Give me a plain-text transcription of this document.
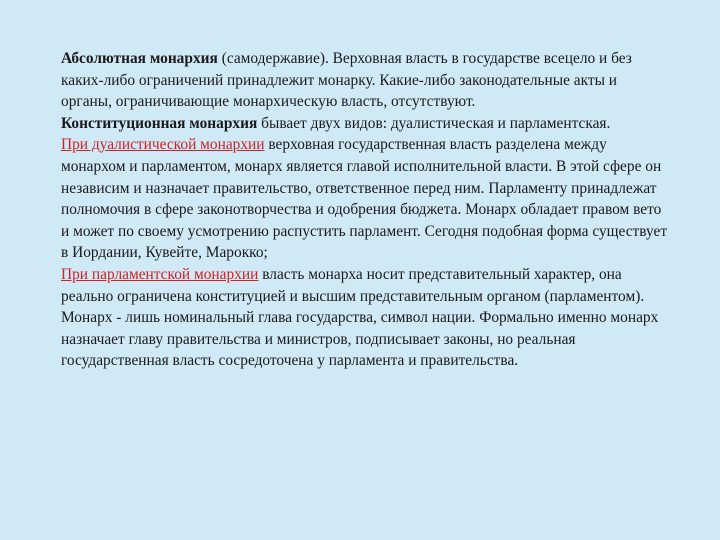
Абсолютная монархия (самодержавие). Верховная власть в государстве всецело и без каких-либо ограничений принадлежит монарку. Какие-либо законодательные акты и органы, ограничивающие монархическую власть, отсутствуют.

Конституционная монархия бывает двух видов: дуалистическая и парламентская.

При дуалистической монархии верховная государственная власть разделена между монархом и парламентом, монарх является главой исполнительной власти. В этой сфере он независим и назначает правительство, ответственное перед ним. Парламенту принадлежат полномочия в сфере законотворчества и одобрения бюджета. Монарх обладает правом вето и может по своему усмотрению распустить парламент. Сегодня подобная форма существует в Иордании, Кувейте, Марокко;

При парламентской монархии власть монарха носит представительный характер, она реально ограничена конституцией и высшим представительным органом (парламентом). Монарх - лишь номинальный глава государства, символ нации. Формально именно монарх назначает главу правительства и министров, подписывает законы, но реальная государственная власть сосредоточена у парламента и правительства.
